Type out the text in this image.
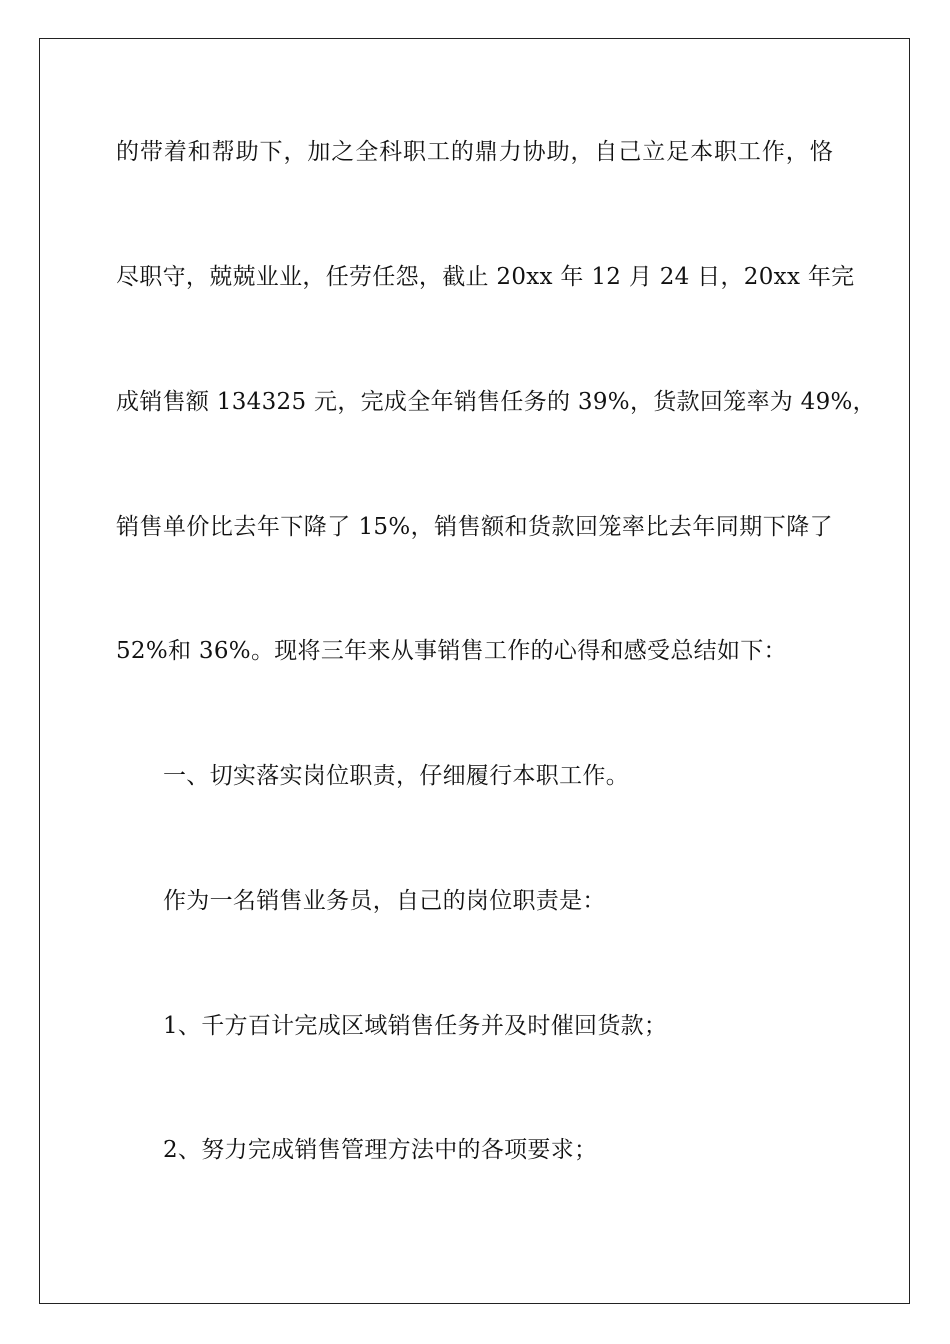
的带着和帮助下，加之全科职工的鼎力协助，自己立足本职工作，恪
尽职守，兢兢业业，任劳任怨，截止 20xx 年 12 月 24 日，20xx 年完
成销售额 134325 元，完成全年销售任务的 39%，货款回笼率为 49%，
销售单价比去年下降了 15%，销售额和货款回笼率比去年同期下降了
52%和 36%。现将三年来从事销售工作的心得和感受总结如下：
一、切实落实岗位职责，仔细履行本职工作。
作为一名销售业务员，自己的岗位职责是：
1、千方百计完成区域销售任务并及时催回货款；
2、努力完成销售管理方法中的各项要求；
